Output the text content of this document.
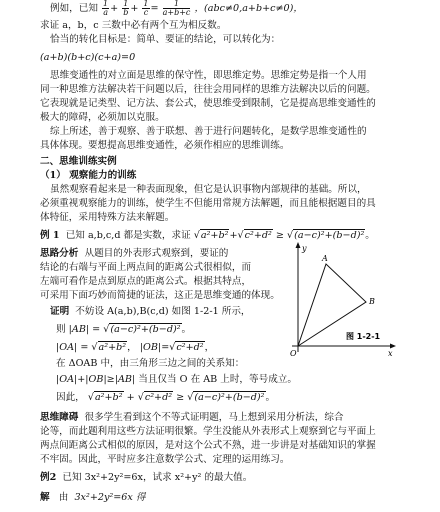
例如，已知 $\frac{1}{a} + \frac{1}{b} + \frac{1}{c} = \frac{1}{a+b+c}$ ，(abc≠0,a+b+c≠0)，
求证 a，b，c 三数中必有两个互为相反数。
恰当的转化目标是：简单、要证的结论，可以转化为：
(a+b)(b+c)(c+a)=0
思维变通性的对立面是思维的保守性，即思维定势。思维定势是指一个人用
同一种思维方法解决若干问题以后，往往会用同样的思维方法解决以后的问题。
它表现就是记类型、记方法、套公式，使思维受到限制，它是提高思维变通性的
极大的障碍，必须加以克服。
综上所述，善于观察、善于联想、善于进行问题转化，是数学思维变通性的
具体体现。要想提高思维变通性，必须作相应的思维训练。
二、思维训练实例
（1） 观察能力的训练
虽然观察看起来是一种表面现象，但它是认识事物内部规律的基础。所以，
必须重视观察能力的训练，使学生不但能用常规方法解题，而且能根据题目的具
体特征，采用特殊方法来解题。
例 1 已知 a,b,c,d 都是实数，求证 √a²+b²+√c²+d² ≥ √(a−c)²+(b−d)²。
思路分析 从题目的外表形式观察到，要证的
结论的右端与平面上两点间的距离公式很相似，而
左端可看作是点到原点的距离公式。根据其特点，
可采用下面巧妙而简捷的证法，这正是思维变通的体现。
证明 不妨设 A(a,b),B(c,d) 如图 1-2-1 所示，
则 |AB| = √(a−c)²+(b−d)²。
|OA| = √a²+b²， |OB|=√c²+d²，
在 ΔOAB 中，由三角形三边之间的关系知：
|OA|+|OB|≥|AB| 当且仅当 O 在 AB 上时，等号成立。
因此， √a²+b² + √c²+d² ≥ √(a−c)²+(b−d)²。
思维障碍 很多学生看到这个不等式证明题，马上想到采用分析法，综合
论等，而此题利用这些方法证明很繁。学生没能从外表形式上观察到它与平面上
两点间距离公式相似的原因，是对这个公式不熟，进一步讲是对基础知识的掌握
不牢固。因此，平时应多注意数学公式、定理的运用练习。
例2 已知 3x²+2y²=6x，试求 x²+y² 的最大值。
解 由 3x²+2y²=6x 得
y
x
O
A
B
图 1-2-1
